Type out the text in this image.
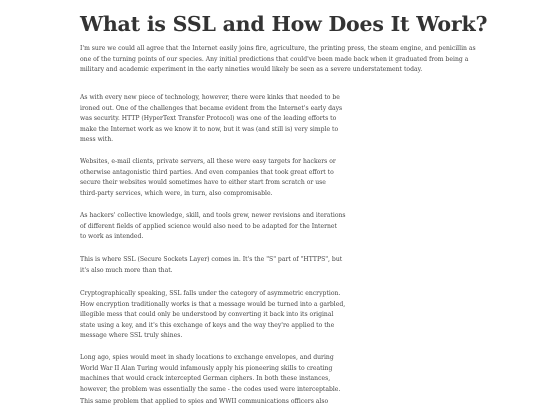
What is SSL and How Does It Work?

I'm sure we could all agree that the Internet easily joins fire, agriculture, the printing press, the steam engine, and penicillin as
one of the turning points of our species. Any initial predictions that could've been made back when it graduated from being a
military and academic experiment in the early nineties would likely be seen as a severe understatement today.

As with every new piece of technology, however, there were kinks that needed to be
ironed out. One of the challenges that became evident from the Internet's early days
was security. HTTP (HyperText Transfer Protocol) was one of the leading efforts to
make the Internet work as we know it to now, but it was (and still is) very simple to
mess with.

Websites, e-mail clients, private servers, all these were easy targets for hackers or
otherwise antagonistic third parties. And even companies that took great effort to
secure their websites would sometimes have to either start from scratch or use
third-party services, which were, in turn, also compromisable.

As hackers' collective knowledge, skill, and tools grew, newer revisions and iterations
of different fields of applied science would also need to be adapted for the Internet
to work as intended.

This is where SSL (Secure Sockets Layer) comes in. It's the "S" part of "HTTPS", but
it's also much more than that.

Cryptographically speaking, SSL falls under the category of asymmetric encryption.
How encryption traditionally works is that a message would be turned into a garbled,
illegible mess that could only be understood by converting it back into its original
state using a key, and it's this exchange of keys and the way they're applied to the
message where SSL truly shines.

Long ago, spies would meet in shady locations to exchange envelopes, and during
World War II Alan Turing would infamously apply his pioneering skills to creating
machines that would crack intercepted German ciphers. In both these instances,
however, the problem was essentially the same - the codes used were interceptable.

This same problem that applied to spies and WWII communications officers also
